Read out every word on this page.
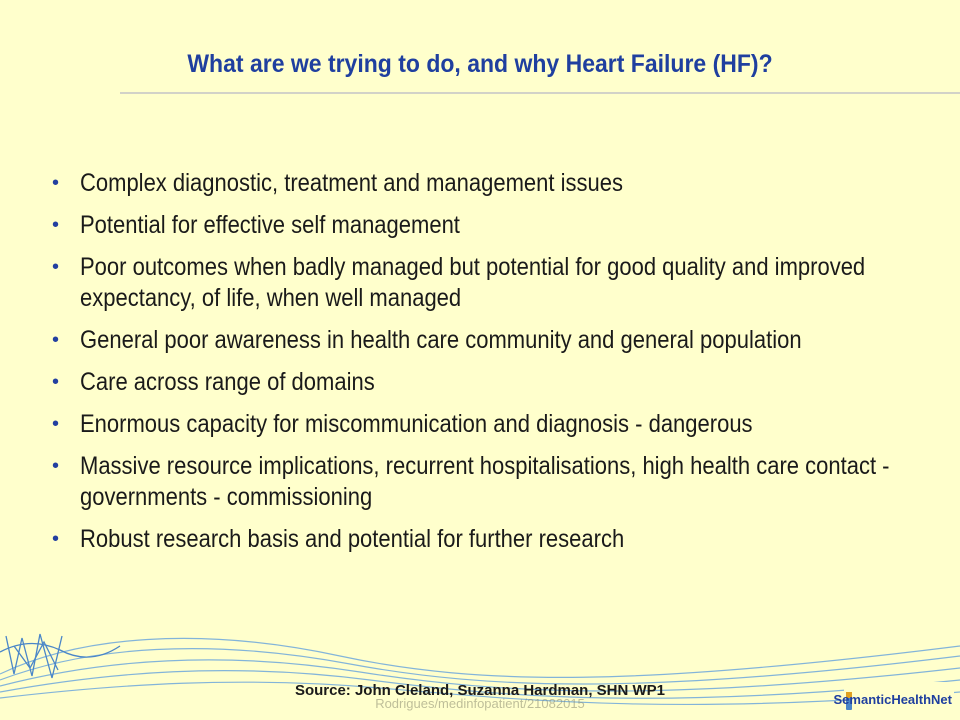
What are we trying to do, and why Heart Failure (HF)?
• Complex diagnostic, treatment and management issues
• Potential for effective self management
• Poor outcomes when badly managed but potential for good quality and improved expectancy, of life, when well managed
• General poor awareness in health care community and general population
• Care across range of domains
• Enormous capacity for miscommunication and diagnosis - dangerous
• Massive resource implications, recurrent hospitalisations, high health care contact - governments - commissioning
• Robust research basis and potential for further research
Rodrigues/medinfopatient/21082015
Source: John Cleland, Suzanna Hardman, SHN WP1
SemanticHealthNet
